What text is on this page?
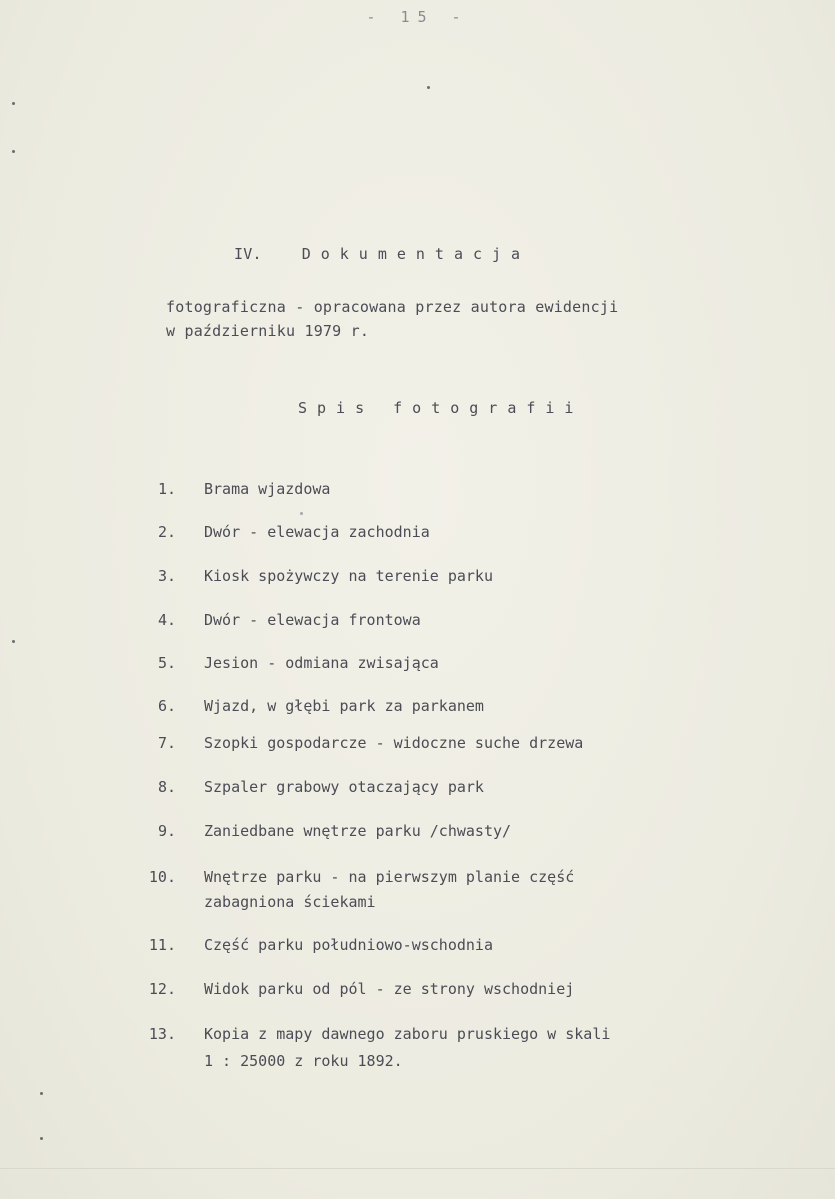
- 15 -
IV.	Dokumentacja
fotograficzna - opracowana przez autora ewidencji
w październiku 1979 r.
Spis fotografii
1. Brama wjazdowa
2. Dwór - elewacja zachodnia
3. Kiosk spożywczy na terenie parku
4. Dwór - elewacja frontowa
5. Jesion - odmiana zwisająca
6. Wjazd, w głębi park za parkanem
7. Szopki gospodarcze - widoczne suche drzewa
8. Szpaler grabowy otaczający park
9. Zaniedbane wnętrze parku /chwasty/
10. Wnętrze parku - na pierwszym planie część
zabagniona ściekami
11. Część parku południowo-wschodnia
12. Widok parku od pól - ze strony wschodniej
13. Kopia z mapy dawnego zaboru pruskiego w skali
1 : 25000 z roku 1892.
